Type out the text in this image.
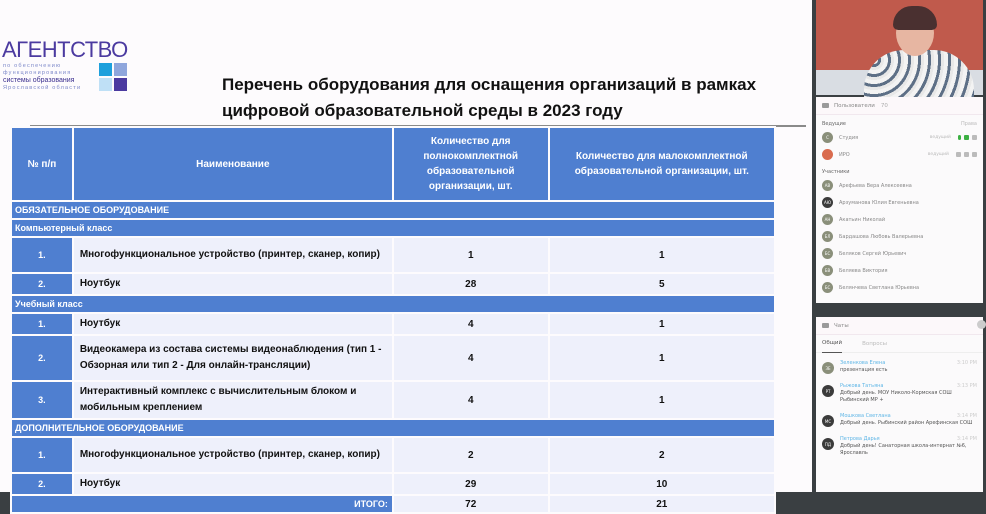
АГЕНТСТВО
по обеспечению
функционирования
системы образования
Ярославской области	Перечень оборудования для оснащения организаций в рамках
цифровой образовательной среды в 2023 году
№ п/п	Наименование	Количество для полнокомплектной образовательной организации, шт.	Количество для малокомплектной образовательной организации, шт.
ОБЯЗАТЕЛЬНОЕ ОБОРУДОВАНИЕ			
Компьютерный класс			
1.	Многофункциональное устройство (принтер, сканер, копир)	1	1
2.	Ноутбук	28	5
Учебный класс			
1.	Ноутбук	4	1
2.	Видеокамера из состава системы видеонаблюдения (тип 1 - Обзорная или тип 2 - Для онлайн-трансляции)	4	1
3.	Интерактивный комплекс с вычислительным блоком и мобильным креплением	4	1
ДОПОЛНИТЕЛЬНОЕ ОБОРУДОВАНИЕ			
1.	Многофункциональное устройство (принтер, сканер, копир)	2	2
2.	Ноутбук	29	10
ИТОГО:		72	21
Пользователи 70
Ведущие	Права
С	Студия	ведущий
ИРО	ведущий
Участники
АВ	Арефьева Вера Алексеевна
АЮ	Арзуманова Юлия Евгеньевна
АН	Акатьин Николай
БЛ	Бардашова Любовь Валерьевна
БС	Беляков Сергей Юрьевич
БВ	Беляева Виктория
БС	Белянчева Светлана Юрьевна
Чаты
Общий	Вопросы
ЗЕ
Зеленкова Елена	3:10 PM
презентация есть
РТ
Рыжова Татьяна	3:13 PM
Добрый день. МОУ Николо-Кормская СОШ Рыбинский МР +
МС
Мошкова Светлана	3:14 PM
Добрый день. Рыбинский район Арефинская СОШ
ПД
Петрова Дарья	3:14 PM
Добрый день! Санаторная школа-интернат №6, Ярославль
